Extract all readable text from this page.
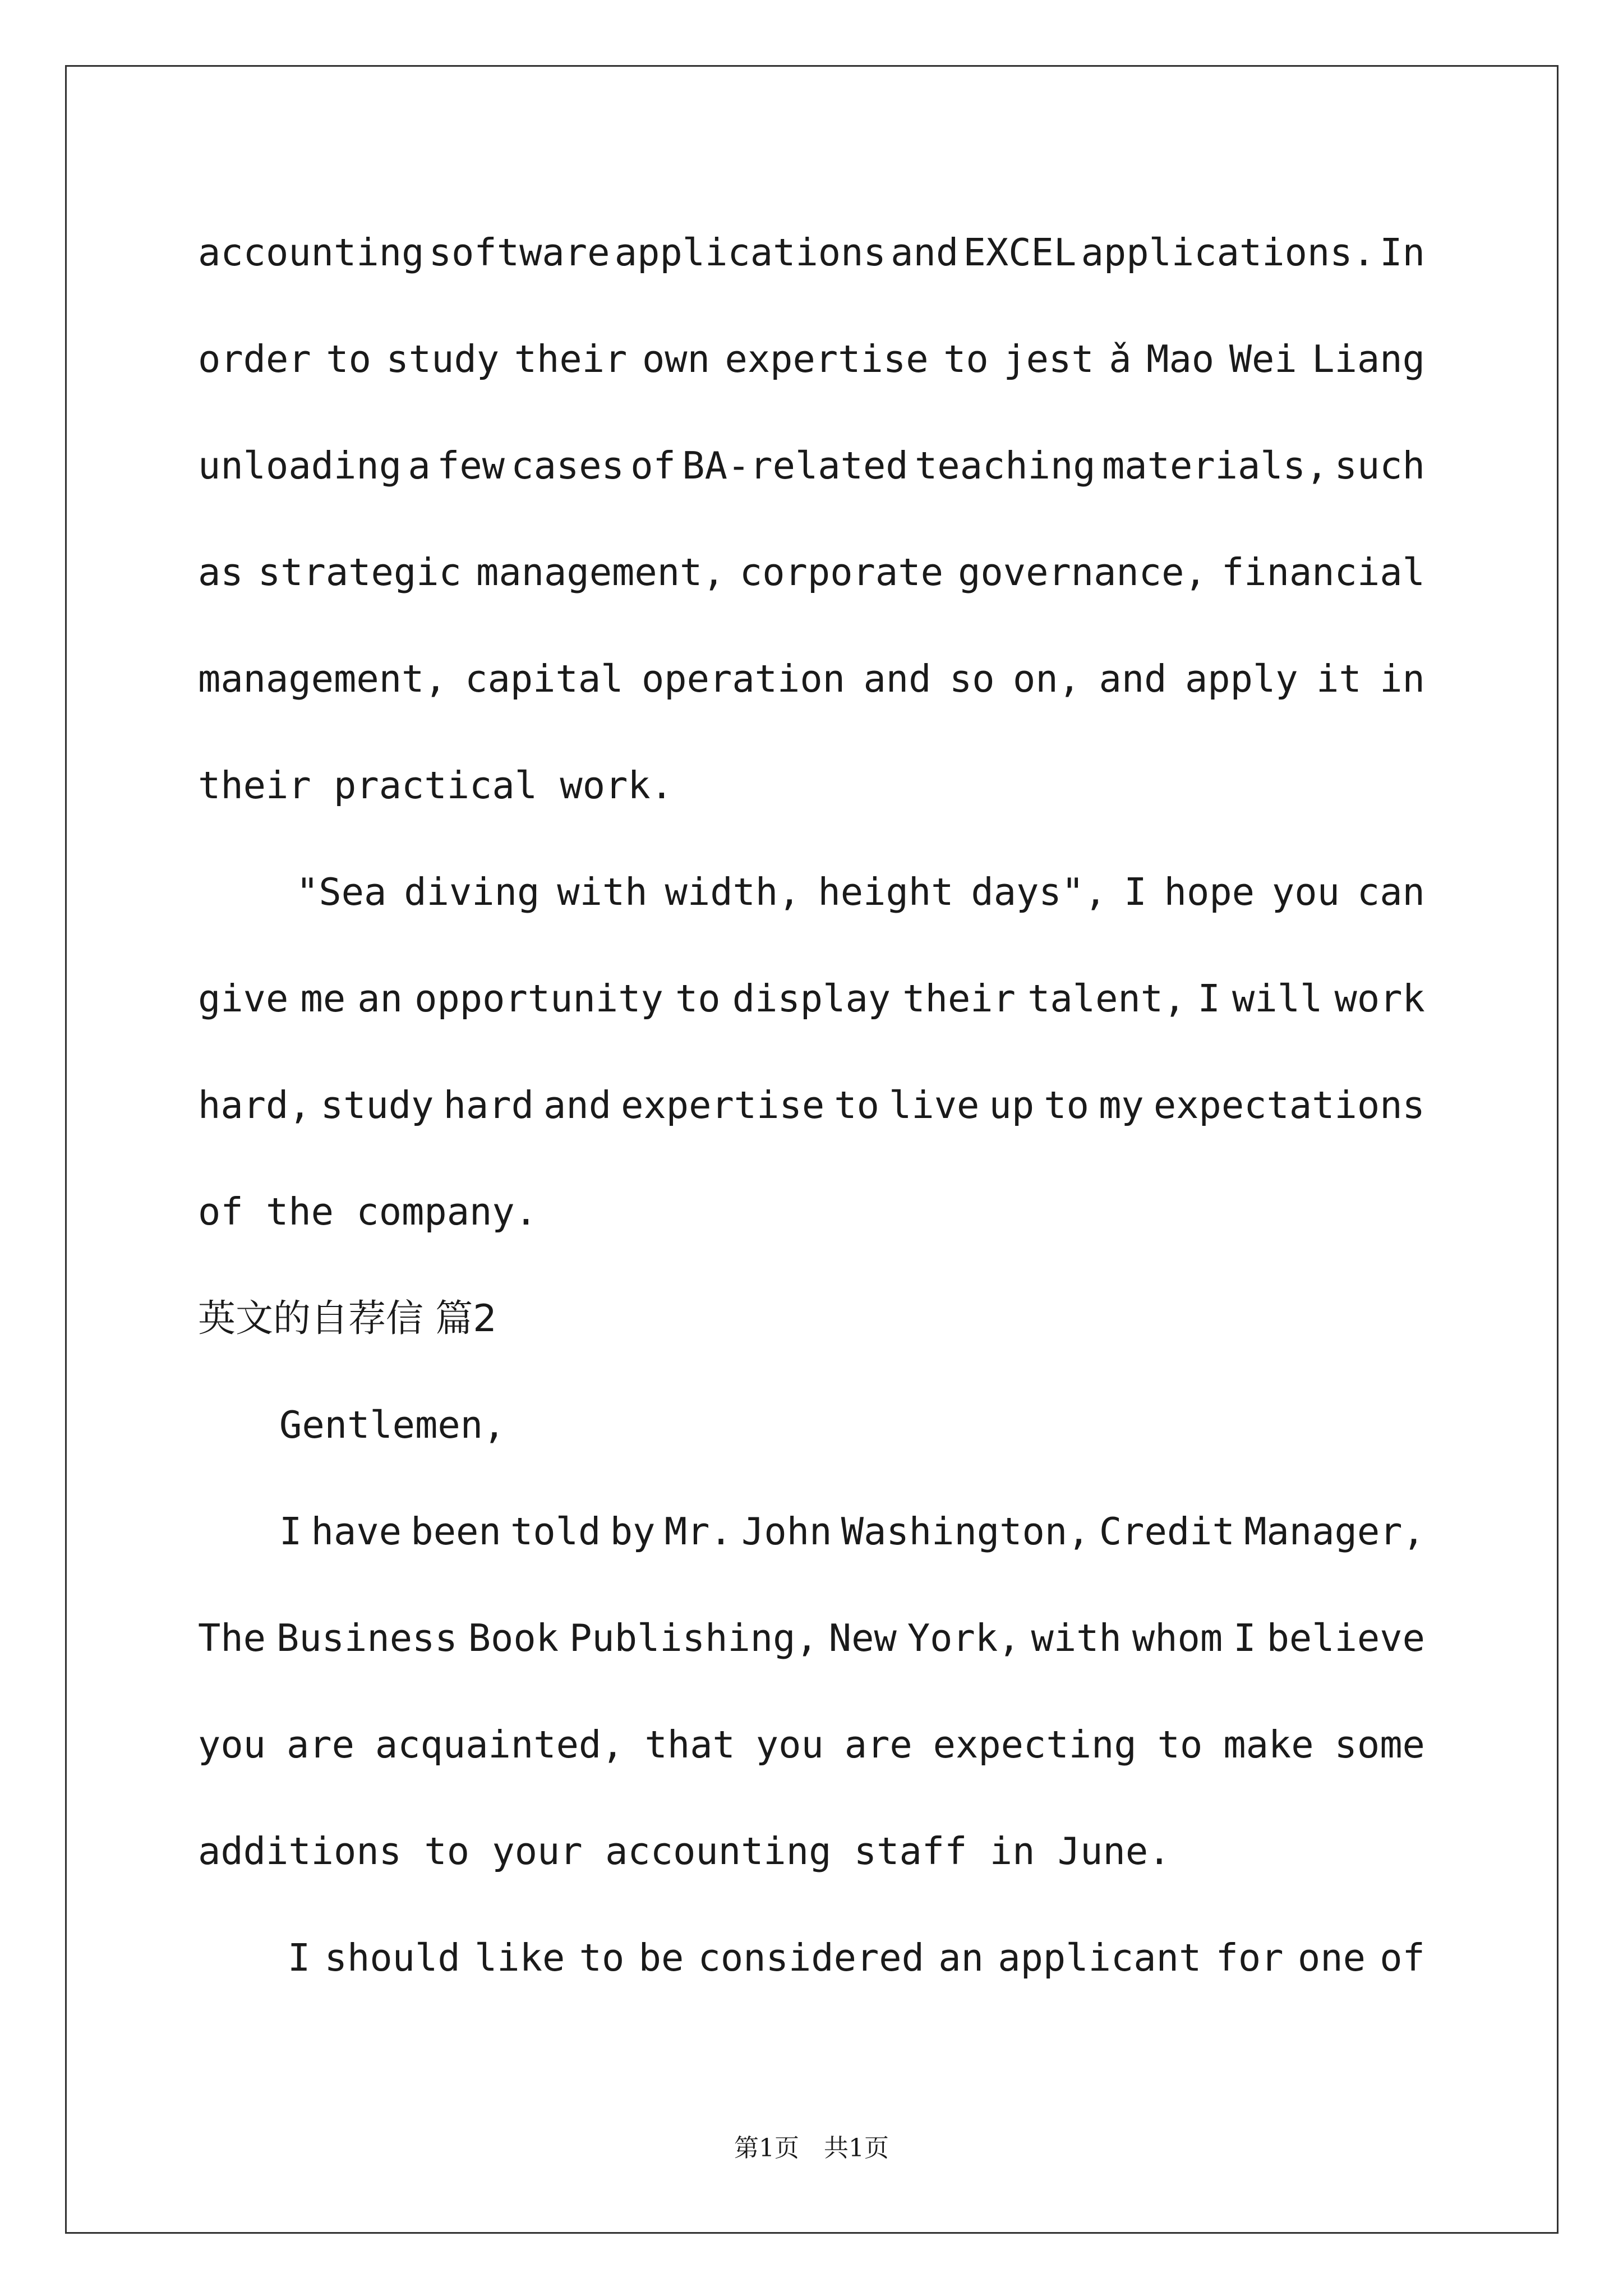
accounting software applications and EXCEL applications. In
order to study their own expertise to jest ǎ Mao Wei Liang
unloading a few cases of BA-related teaching materials, such
as strategic management, corporate governance, financial
management, capital operation and so on, and apply it in
their practical work.
"Sea diving with width, height days", I hope you can
give me an opportunity to display their talent, I will work
hard, study hard and expertise to live up to my expectations
of the company.
英文的自荐信 篇2
Gentlemen,
I have been told by Mr. John Washington, Credit Manager,
The Business Book Publishing, New York, with whom I believe
you are acquainted, that you are expecting to make some
additions to your accounting staff in June.
I should like to be considered an applicant for one of
第1页　共1页
